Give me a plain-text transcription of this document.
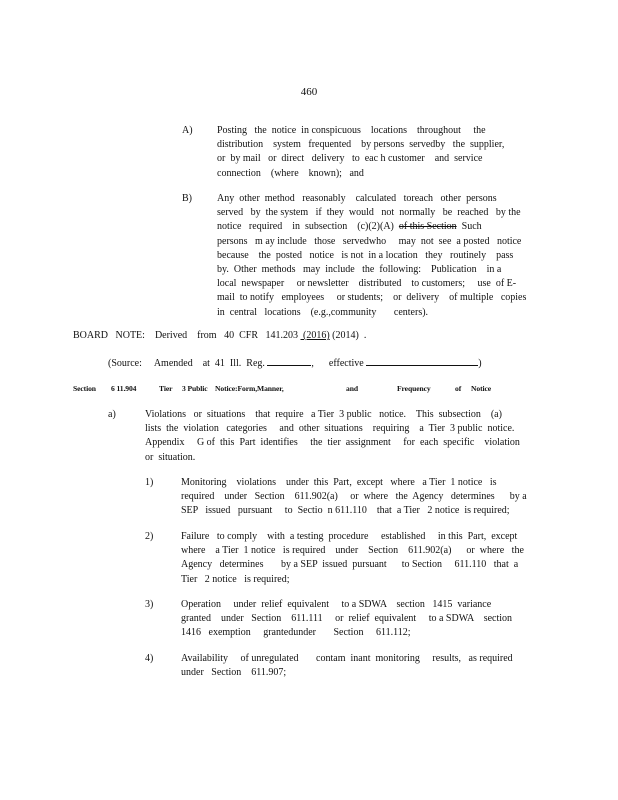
460
A) Posting   the  notice  in conspicuous    locations    throughout     the
distribution    system   frequented    by persons  servedby   the  supplier,
or  by mail   or  direct   delivery   to  eac h customer    and  service
connection    (where    known);   and
B)	Any  other  method   reasonably    calculated   toreach   other  persons
served   by  the system   if  they  would   not  normally   be  reached   by the
notice   required    in  subsection    (c)(2)(A)  of this Section  Such
persons   m ay include   those   servedwho     may  not  see  a posted   notice
because    the  posted   notice   is not  in a location   they   routinely    pass
by.  Other  methods   may  include   the  following:    Publication    in a
local  newspaper     or newsletter    distributed    to customers;     use  of E-
mail  to notify   employees     or students;    or  delivery    of multiple   copies
in  central   locations    (e.g.,community       centers).
BOARD   NOTE:    Derived    from   40  CFR   141.203  (2016) (2014)  .
(Source:     Amended    at  41  Ill.  Reg.	,      effective	)
Section 6 11.904	Tier 3 Public Notice:Form,Manner,	and	Frequency	of Notice
a)	Violations   or  situations    that  require   a Tier  3 public   notice.    This  subsection    (a)
lists  the  violation   categories     and  other  situations    requiring    a  Tier  3 public  notice.
Appendix     G of  this  Part  identifies     the  tier  assignment     for  each  specific    violation
or  situation.
1)	Monitoring    violations    under  this  Part,  except   where   a Tier  1 notice   is
required    under   Section    611.902(a)     or  where   the  Agency   determines      by a
SEP   issued   pursuant     to  Sectio  n 611.110    that  a Tier   2 notice  is required;
2)	Failure   to comply    with  a testing  procedure     established     in this  Part,  except
where    a Tier  1 notice   is required    under    Section    611.902(a)      or  where   the
Agency   determines       by a SEP  issued  pursuant      to Section     611.110   that  a
Tier   2 notice   is required;
3)	Operation     under  relief  equivalent     to a SDWA    section   1415  variance
granted    under   Section    611.111     or  relief  equivalent     to a SDWA    section
1416   exemption     grantedunder       Section     611.112;
4)	Availability     of unregulated       contam  inant  monitoring     results,   as required
under   Section    611.907;
